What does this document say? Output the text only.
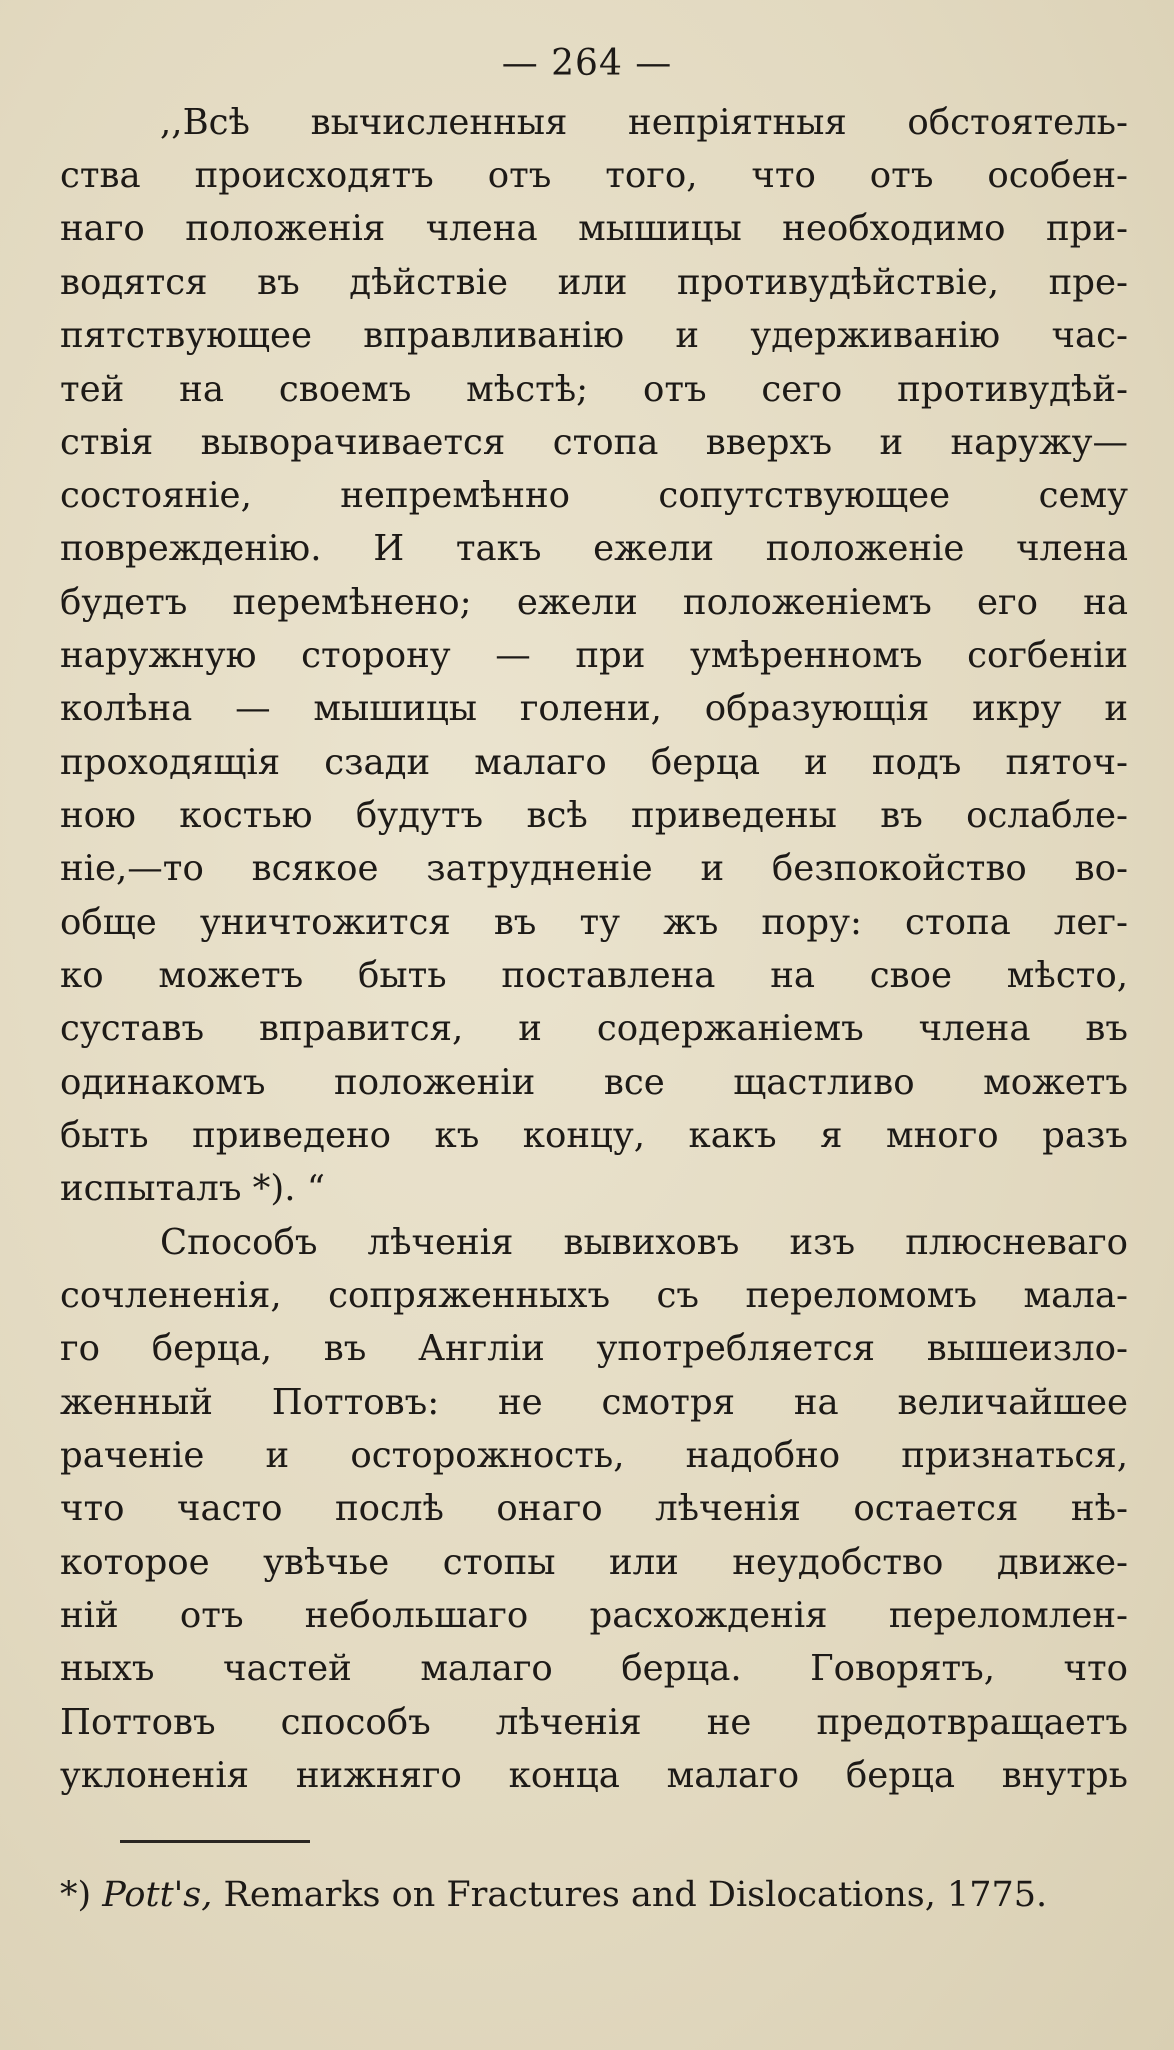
— 264 —
,,Всѣ вычисленныя непріятныя обстоятель-
ства происходятъ отъ того, что отъ особен-
наго положенія члена мышицы необходимо при-
водятся въ дѣйствіе или противудѣйствіе, пре-
пятствующее вправливанію и удерживанію час-
тей на своемъ мѣстѣ; отъ сего противудѣй-
ствія выворачивается стопа вверхъ и наружу—
состояніе, непремѣнно сопутствующее сему
поврежденію. И такъ ежели положеніе члена
будетъ перемѣнено; ежели положеніемъ его на
наружную сторону — при умѣренномъ согбеніи
колѣна — мышицы голени, образующія икру и
проходящія сзади малаго берца и подъ пяточ-
ною костью будутъ всѣ приведены въ ослабле-
ніе,—то всякое затрудненіе и безпокойство во-
обще уничтожится въ ту жъ пору: стопа лег-
ко можетъ быть поставлена на свое мѣсто,
суставъ вправится, и содержаніемъ члена въ
одинакомъ положеніи все щастливо можетъ
быть приведено къ концу, какъ я много разъ
испыталъ *). “
Способъ лѣченія вывиховъ изъ плюсневаго
сочлененія, сопряженныхъ съ переломомъ мала-
го берца, въ Англіи употребляется вышеизло-
женный Поттовъ: не смотря на величайшее
раченіе и осторожность, надобно признаться,
что часто послѣ онаго лѣченія остается нѣ-
которое увѣчье стопы или неудобство движе-
ній отъ небольшаго расхожденія переломлен-
ныхъ частей малаго берца. Говорятъ, что
Поттовъ способъ лѣченія не предотвращаетъ
уклоненія нижняго конца малаго берца внутрь
*) Pott's, Remarks on Fractures and Dislocations, 1775.
